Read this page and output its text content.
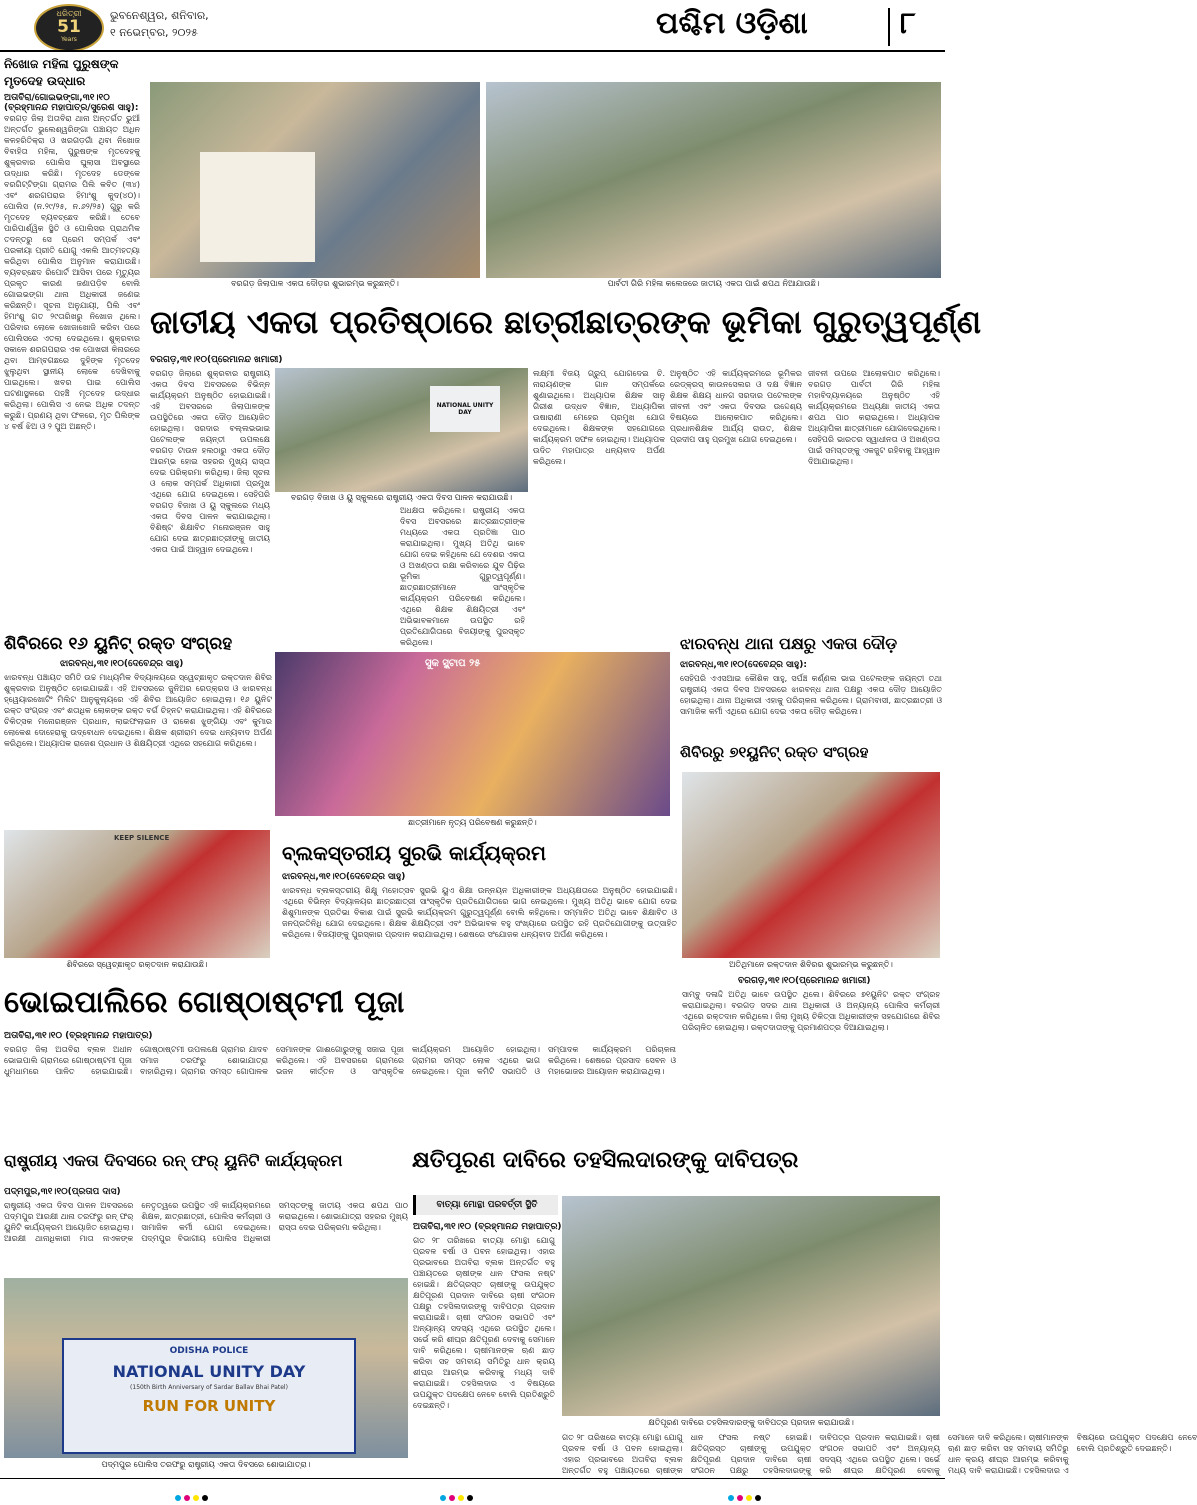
ଧରିତ୍ରୀ
51
Years
ଭୁବନେଶ୍ୱର, ଶନିବାର,
୧ ନଭେମ୍ବର, ୨୦୨୫	ପଶ୍ଚିମ ଓଡ଼ିଶା	୮
ନିଖୋଜ ମହିଳା ପୁରୁଷଙ୍କ
ମୃତଦେହ ଉଦ୍ଧାର
ଅତାବିରା/ଗୋଇଭଙ୍ଗା,୩୧।୧୦
(ବ୍ରହ୍ମାନନ୍ଦ ମହାପାତ୍ର/ସୁରେଶ ସାହୁ):
ବରଗଡ଼ ଜିଲା ଅତାବିରା ଥାନା ଅନ୍ତର୍ଗତ ଭୁଆଁ ଅନ୍ତର୍ଗତ ଭୁଲେଶ୍ୱରିଙ୍ଗା ପଞ୍ଚାୟତ ଅଧିନ କଳହରିତିକ୍ରା ଓ ଖରଗଡ଼ଗାଁ ଥିବା ନିଖୋଜ ବିବାହିତା ମହିଳା, ପୁରୁଷଙ୍କ ମୃତଦେହକୁ ଶୁକ୍ରବାର ପୋଲିସ ଘୁଲାସା ଅବସ୍ଥାରେ ଉଦ୍ଧାର କରିଛି। ମୃତଦେହ ଡେଙ୍କେ ବରଗିଟ୍ଟିଙ୍ଗା ଗ୍ରାମର ପିଲି କବିତ (୩୪) ଏବଂ ଶରଗପରାର ହିମାଂଶୁ କୁଦ(୪୦)। ପୋଲିସ (ନ.୨୯/୨୫, ନ.୬୨/୨୫) ଗୁରୁ କରି ମୃତଦେହ ବ୍ୟବଚ୍ଛେଦ କରିଛି। ତେବେ ପାରିପାର୍ଶ୍ୱିକ ସ୍ଥିତି ଓ ପୋଲିସର ପ୍ରାଥମିକ ତଦନ୍ତରୁ ସେ ପ୍ରେମ ସମ୍ପର୍କ ଏବଂ ପରକୀୟା ପ୍ରୀତି ଯୋଗୁ ଏକଲି ଆତ୍ମହତ୍ୟା କରିଥିବା ପୋଲିସ ଅନୁମାନ କରାଯାଉଛି। ବ୍ୟବଚ୍ଛେଦ ରିପୋର୍ଟ ଆସିବା ପରେ ମୃତ୍ୟୁର ପ୍ରକୃତ କାରଣ ଜଣାପଡ଼ିବ ବୋଲି ଗୋଇଭଙ୍ଗା ଥାନା ଅଧିକାରୀ ଜଣେଇ କରିଛନ୍ତି। ସୂଚନା ଅନୁଯାୟୀ, ପିଲି ଏବଂ ହିମାଂଶୁ ଗତ ୨୯ତାରିଖରୁ ନିଖୋଜ ଥିଲେ। ପରିବାର ଲୋକେ ଖୋଜାଖୋଜି କରିବା ପରେ ପୋଲିସରେ ଏତଲା ଦେଇଥିଲେ। ଶୁକ୍ରବାର ସକାଳେ ଶରଗପରାର ଏକ ପୋଖରୀ କିନାରରେ ଥିବା ଆମ୍ବଗଛରେ ଦୁହିଙ୍କ ମୃତଦେହ ଝୁଲୁଥିବା ସ୍ଥାନୀୟ ଲୋକେ ଦେଖିବାକୁ ପାଇଥିଲେ। ଖବର ପାଇ ପୋଲିସ ଘଟଣାସ୍ଥଳରେ ପହଞ୍ଚି ମୃତଦେହ ଉଦ୍ଧାର କରିଥିଲା। ପୋଲିସ ଏ ନେଇ ଅଧିକ ତଦନ୍ତ କରୁଛି। ପ୍ରଣୟ ଥିବା ଫଳରେ, ମୃତ ପିଲିଙ୍କ ୪ ବର୍ଷ ଝିଅ ଓ ୨ ପୁଅ ଅଛନ୍ତି।
ବରଗଡ଼ ଜିଲାପାଳ ଏକତା ଦୌଡ଼ର ଶୁଭାରମ୍ଭ କରୁଛନ୍ତି।	ପାର୍ବତୀ ଗିରି ମହିଳା କଲେଜରେ ଜାତୀୟ ଏକତା ପାଇଁ ଶପଥ ନିଆଯାଉଛି।
ଜାତୀୟ ଏକତା ପ୍ରତିଷ୍ଠାରେ ଛାତ୍ରୀଛାତ୍ରଙ୍କ ଭୂମିକା ଗୁରୁତ୍ୱପୂର୍ଣ୍ଣ
ବରଗଡ଼,୩୧।୧୦(ପ୍ରେମାନନ୍ଦ ଖମାରୀ)
NATIONAL UNITY DAY
ବରଗଡ଼ ବିଜାଖ ଓ ୟୁ ସ୍କୁଲରେ ରାଷ୍ଟ୍ରୀୟ ଏକତା ଦିବସ ପାଳନ କରାଯାଉଛି।
ବରଗଡ଼ ଜିଲାରେ ଶୁକ୍ରବାର ରାଷ୍ଟ୍ରୀୟ ଏକତା ଦିବସ ଅବସରରେ ବିଭିନ୍ନ କାର୍ଯ୍ୟକ୍ରମ ଅନୁଷ୍ଠିତ ହୋଇଯାଇଛି। ଏହି ଅବସରରେ ଜିଲାପାଳଙ୍କ ଉପସ୍ଥିତିରେ ଏକତା ଦୌଡ଼ ଆୟୋଜିତ ହୋଇଥିଲା। ସରଦାର ବଲ୍ଲଭଭାଇ ପଟେଲଙ୍କ ଜୟନ୍ତୀ ଉପଲକ୍ଷେ ବରଗଡ଼ ଟାଉନ ହଲଠାରୁ ଏକତା ଦୌଡ଼ ଆରମ୍ଭ ହୋଇ ସହରର ମୁଖ୍ୟ ରାସ୍ତା ଦେଇ ପରିକ୍ରମା କରିଥିଲା। ଜିଲା ସୂଚନା ଓ ଲୋକ ସମ୍ପର୍କ ଅଧିକାରୀ ପ୍ରମୁଖ ଏଥିରେ ଯୋଗ ଦେଇଥିଲେ। ସେହିପରି ବରଗଡ଼ ବିଜାଖ ଓ ୟୁ ସ୍କୁଲରେ ମଧ୍ୟ ଏକତା ଦିବସ ପାଳନ କରାଯାଇଥିଲା। ବିଶିଷ୍ଟ ଶିକ୍ଷାବିତ ମନୋରଞ୍ଜନ ସାହୁ ଯୋଗ ଦେଇ ଛାତ୍ରଛାତ୍ରୀଙ୍କୁ ଜାତୀୟ ଏକତା ପାଇଁ ଆହ୍ୱାନ ଦେଇଥିଲେ।
ଅଧକ୍ଷତା କରିଥିଲେ। ରାଷ୍ଟ୍ରୀୟ ଏକତା ଦିବସ ଅବସରରେ ଛାତ୍ରଛାତ୍ରୀଙ୍କ ମଧ୍ୟରେ ଏକତା ପ୍ରତିଜ୍ଞା ପାଠ କରାଯାଇଥିଲା। ମୁଖ୍ୟ ଅତିଥି ଭାବେ ଯୋଗ ଦେଇ କହିଥିଲେ ଯେ ଦେଶର ଏକତା ଓ ଅଖଣ୍ଡତା ରକ୍ଷା କରିବାରେ ଯୁବ ପିଢ଼ିର ଭୂମିକା ଗୁରୁତ୍ୱପୂର୍ଣ୍ଣ। ଛାତ୍ରଛାତ୍ରୀମାନେ ସାଂସ୍କୃତିକ କାର୍ଯ୍ୟକ୍ରମ ପରିବେଷଣ କରିଥିଲେ। ଏଥିରେ ଶିକ୍ଷକ ଶିକ୍ଷୟିତ୍ରୀ ଏବଂ ଅଭିଭାବକମାନେ ଉପସ୍ଥିତ ରହି ପ୍ରତିଯୋଗିତାରେ ବିଜୟୀଙ୍କୁ ପୁରସ୍କୃତ କରିଥିଲେ।
ଲକ୍ଷ୍ମୀ ବିଜୟ ଗ୍ରୁପ୍ ଯୋଗଦେଇ ଚି. ନାରାୟଣଙ୍କ ଗାନ ସମ୍ପର୍କରେ ଶୁଣାଇଥିଲେ। ଅଧ୍ୟାପକ ଶିକ୍ଷକ ସାନୁ ଗିରୀଶ ଉଦ୍ଧବ ବିଜ୍ଞାନ, ଅଧ୍ୟାପିକା ଉଷାରାଣୀ ମେହେର ପ୍ରମୁଖ ଯୋଗ ଦେଇଥିଲେ। ଶିକ୍ଷକଙ୍କ ସହଯୋଗରେ କାର୍ଯ୍ୟକ୍ରମ ସଫଳ ହୋଇଥିଲା। ଅଧ୍ୟାପକ ଉଦିତ ମହାପାତ୍ର ଧନ୍ୟବାଦ ଅର୍ପଣ କରିଥିଲେ।
ଅନୁଷ୍ଠିତ ଏହି କାର୍ଯ୍ୟକ୍ରମରେ ଭୂମିକର ରେଡ୍‌କ୍ରସ୍ କାଉନସେଲର ଓ ଦକ୍ଷ ବିଜ୍ଞାନ ଶିକ୍ଷକ ଶିକ୍ଷୟ ଧାନଗ ସରଦାର ପଟେଲଙ୍କ ଜୀବନୀ ଏବଂ ଏକତା ଦିବସର ଉଦ୍ଦେଶ୍ୟ ବିଷୟରେ ଆଲୋକପାତ କରିଥିଲେ। ପ୍ରଧାନଶିକ୍ଷକ ଆର୍ଯ୍ୟ ରାଉତ, ଶିକ୍ଷକ ପ୍ରଦୀପ ସାହୁ ପ୍ରମୁଖ ଯୋଗ ଦେଇଥିଲେ।
ଜୀବନୀ ଉପରେ ଆଲୋକପାତ କରିଥିଲେ। ବରଗଡ଼ ପାର୍ବତୀ ଗିରି ମହିଳା ମହାବିଦ୍ୟାଳୟରେ ଅନୁଷ୍ଠିତ ଏହି କାର୍ଯ୍ୟକ୍ରମରେ ଅଧ୍ୟକ୍ଷା ଜାତୀୟ ଏକତା ଶପଥ ପାଠ କରାଇଥିଲେ। ଅଧ୍ୟାପକ ଅଧ୍ୟାପିକା ଛାତ୍ରୀମାନେ ଯୋଗଦେଇଥିଲେ। ସେହିପରି ଭାରତର ସ୍ୱାଧୀନତା ଓ ଅଖଣ୍ଡତା ପାଇଁ ସମସ୍ତଙ୍କୁ ଏକଜୁଟ ରହିବାକୁ ଆହ୍ୱାନ ଦିଆଯାଇଥିଲା।
ଶିବିରରେ ୧୬ ୟୁନିଟ୍ ରକ୍ତ ସଂଗ୍ରହ
ଝାରବନ୍ଧ,୩୧।୧୦(ଦେବେନ୍ଦ୍ର ସାହୁ)
ଝାରବନ୍ଧ ପଞ୍ଚାୟତ ସମିତି ଉଚ୍ଚ ମାଧ୍ୟମିକ ବିଦ୍ୟାଳୟରେ ସ୍ୱେଚ୍ଛାକୃତ ରକ୍ତଦାନ ଶିବିର ଶୁକ୍ରବାର ଅନୁଷ୍ଠିତ ହୋଇଯାଇଛି। ଏହି ଅବସରରେ ଜୁନିଅର ରେଡ୍‌କ୍ରସ ଓ ଝାରବନ୍ଧ ହ୍ୱେୟାରଖୋଟିଂ ମିଲିଟ ଆନୁକୁଲ୍ୟରେ ଏହି ଶିବିର ଆୟୋଜିତ ହୋଇଥିଲା। ୧୬ ୟୁନିଟ ରକ୍ତ ସଂଗ୍ରହ ଏବଂ ଶତାଧିକ ଲୋକଙ୍କ ରକ୍ତ ବର୍ଗ ଚିହ୍ନଟ କରାଯାଇଥିଲା। ଏହି ଶିବିରରେ ଚିକିତ୍ସକ ମନୋରଞ୍ଜନ ପ୍ରଧାନ, ଲାଇଫଲାଇନ ଓ ରାକେଶ ଝୁଙ୍ଗିୟା ଏବଂ କୁମାର ଲୋକେଶ ଦୋହେରାକୁ ଉଦ୍ବୋଧନ ଦେଇଥିଲେ। ଶିକ୍ଷକ ଶ୍ରୀରାମ ଦେଇ ଧନ୍ୟବାଦ ଅର୍ପଣ କରିଥିଲେ। ଅଧ୍ୟାପକ ରାଜେଶ ପ୍ରଧାନ ଓ ଶିକ୍ଷୟିତ୍ରୀ ଏଥିରେ ସହଯୋଗ କରିଥିଲେ।
ସୁକ ସ୍କ୍ଟାପ ୨୫
ଛାତ୍ରୀମାନେ ନୃତ୍ୟ ପରିବେଷଣ କରୁଛନ୍ତି।
ଝାରବନ୍ଧ ଥାନା ପକ୍ଷରୁ ଏକତା ଦୌଡ଼
ଝାରବନ୍ଧ,୩୧।୧୦(ଦେବେନ୍ଦ୍ର ସାହୁ):
ସେହିପରି ଏଏସଆଇ କୌଶିକ ସାହୁ, ସର୍ପଞ୍ଚ କର୍ଣ୍ଣଲ ଭାଇ ପଟେଲଙ୍କ ଜୟନ୍ତୀ ତଥା ରାଷ୍ଟ୍ରୀୟ ଏକତା ଦିବସ ଅବସରରେ ଝାରବନ୍ଧ ଥାନା ପକ୍ଷରୁ ଏକତା ଦୌଡ଼ ଆୟୋଜିତ ହୋଇଥିଲା। ଥାନା ଅଧିକାରୀ ଏହାକୁ ପରିଚାଳନା କରିଥିଲେ। ଗ୍ରାମବାସୀ, ଛାତ୍ରଛାତ୍ରୀ ଓ ସାମାଜିକ କର୍ମୀ ଏଥିରେ ଯୋଗ ଦେଇ ଏକତା ଦୌଡ଼ କରିଥିଲେ।
ଶିବିରରୁ ୭୧ୟୁନିଟ୍ ରକ୍ତ ସଂଗ୍ରହ
ଅତିଥିମାନେ ରକ୍ତଦାନ ଶିବିରର ଶୁଭାରମ୍ଭ କରୁଛନ୍ତି।
ବରଗଡ଼,୩୧।୧୦(ପ୍ରେମାନନ୍ଦ ଖମାରୀ)
ସାମ୍ବୁ ଦଳାଦ୍ଦି ଅତିଥି ଭାବେ ଉପସ୍ଥିତ ଥିଲେ। ଶିବିରରେ ୭୧ୟୁନିଟ ରକ୍ତ ସଂଗ୍ରହ କରାଯାଇଥିଲା। ବରଗଡ଼ ସଦର ଥାନା ଅଧିକାରୀ ଓ ଅନ୍ୟାନ୍ୟ ପୋଲିସ କର୍ମଚାରୀ ଏଥିରେ ରକ୍ତଦାନ କରିଥିଲେ। ଜିଲା ମୁଖ୍ୟ ଚିକିତ୍ସା ଅଧିକାରୀଙ୍କ ସହଯୋଗରେ ଶିବିର ପରିଚାଳିତ ହୋଇଥିଲା। ରକ୍ତଦାତାଙ୍କୁ ପ୍ରମାଣପତ୍ର ଦିଆଯାଇଥିଲା।
KEEP SILENCE
ଶିବିରରେ ସ୍ୱେଚ୍ଛାକୃତ ରକ୍ତଦାନ କରାଯାଉଛି।
ବ୍ଲକସ୍ତରୀୟ ସୁରଭି କାର୍ଯ୍ୟକ୍ରମ
ଝାରବନ୍ଧ,୩୧।୧୦(ଦେବେନ୍ଦ୍ର ସାହୁ)
ଝାରବନ୍ଧ ବ୍ଲକସ୍ତରୀୟ ଶିକ୍ଷୁ ମହୋତ୍ସବ ସୁରଭି ୟୁଏ ଶିକ୍ଷା ଉନ୍ନୟନ ଅଧିକାରୀଙ୍କ ଅଧ୍ୟକ୍ଷତାରେ ଅନୁଷ୍ଠିତ ହୋଇଯାଇଛି। ଏଥିରେ ବିଭିନ୍ନ ବିଦ୍ୟାଳୟର ଛାତ୍ରଛାତ୍ରୀ ସାଂସ୍କୃତିକ ପ୍ରତିଯୋଗିତାରେ ଭାଗ ନେଇଥିଲେ। ମୁଖ୍ୟ ଅତିଥି ଭାବେ ଯୋଗ ଦେଇ ଶିଶୁମାନଙ୍କ ପ୍ରତିଭା ବିକାଶ ପାଇଁ ସୁରଭି କାର୍ଯ୍ୟକ୍ରମ ଗୁରୁତ୍ୱପୂର୍ଣ୍ଣ ବୋଲି କହିଥିଲେ। ସମ୍ମାନିତ ଅତିଥି ଭାବେ ଶିକ୍ଷାବିତ ଓ ଜନପ୍ରତିନିଧି ଯୋଗ ଦେଇଥିଲେ। ଶିକ୍ଷକ ଶିକ୍ଷୟିତ୍ରୀ ଏବଂ ଅଭିଭାବକ ବହୁ ସଂଖ୍ୟାରେ ଉପସ୍ଥିତ ରହି ପ୍ରତିଯୋଗୀଙ୍କୁ ଉତ୍ସାହିତ କରିଥିଲେ। ବିଜୟୀଙ୍କୁ ପୁରସ୍କାର ପ୍ରଦାନ କରାଯାଇଥିଲା। ଶେଷରେ ସଂଯୋଜକ ଧନ୍ୟବାଦ ଅର୍ପଣ କରିଥିଲେ।
ଭୋଇପାଲିରେ ଗୋଷ୍ଠାଷ୍ଟମୀ ପୂଜା
ଅତାବିରା,୩୧।୧୦ (ବ୍ରହ୍ମାନନ୍ଦ ମହାପାତ୍ର)
ବରଗଡ଼ ଜିଲା ଅତାବିରା ବ୍ଲକ ଅଧୀନ ଭୋଇପାଲି ଗ୍ରାମରେ ଗୋଷ୍ଠାଷ୍ଟମୀ ପୂଜା ଧୁମଧାମରେ ପାଳିତ ହୋଇଯାଇଛି। ଗୋଷ୍ଠାଷ୍ଟମୀ ଉପଲକ୍ଷେ ଗ୍ରାମର ଯାଦବ ସମାଜ ତରଫରୁ ଶୋଭାଯାତ୍ରା ବାହାରିଥିଲା। ଗ୍ରାମର ସମସ୍ତ ଗୋପାଳକ ସେମାନଙ୍କ ଗାଈଗୋରୁଙ୍କୁ ସଜାଇ ପୂଜା କରିଥିଲେ। ଏହି ଅବସରରେ ଗ୍ରାମରେ ଭଜନ କୀର୍ତ୍ତନ ଓ ସାଂସ୍କୃତିକ କାର୍ଯ୍ୟକ୍ରମ ଆୟୋଜିତ ହୋଇଥିଲା। ଗ୍ରାମର ସମସ୍ତ ଲୋକ ଏଥିରେ ଭାଗ ନେଇଥିଲେ। ପୂଜା କମିଟି ସଭାପତି ଓ ସମ୍ପାଦକ କାର୍ଯ୍ୟକ୍ରମ ପରିଚାଳନା କରିଥିଲେ। ଶେଷରେ ପ୍ରସାଦ ସେବନ ଓ ମହାଭୋଜର ଆୟୋଜନ କରାଯାଇଥିଲା।
ରାଷ୍ଟ୍ରୀୟ ଏକତା ଦିବସରେ ରନ୍ ଫର୍ ୟୁନିଟି କାର୍ଯ୍ୟକ୍ରମ
ପଦ୍ମପୁର,୩୧।୧୦(ପ୍ରତାପ ଦାସ)
ରାଷ୍ଟ୍ରୀୟ ଏକତା ଦିବସ ପାଳନ ଅବସରରେ ପଦ୍ମପୁର ଆରକ୍ଷୀ ଥାନା ତରଫରୁ ରନ୍ ଫର୍ ୟୁନିଟି କାର୍ଯ୍ୟକ୍ରମ ଆୟୋଜିତ ହୋଇଥିଲା। ଆରକ୍ଷୀ ଥାନାଧିକାରୀ ମାତା ନାଏକଙ୍କ ନେତୃତ୍ୱରେ ଉପସ୍ଥିତ ଏହି କାର୍ଯ୍ୟକ୍ରମରେ ଶିକ୍ଷକ, ଛାତ୍ରଛାତ୍ରୀ, ପୋଲିସ କର୍ମଚାରୀ ଓ ସାମାଜିକ କର୍ମୀ ଯୋଗ ଦେଇଥିଲେ। ପଦ୍ମପୁର ବିଭାଗୀୟ ପୋଲିସ ଅଧିକାରୀ ସମସ୍ତଙ୍କୁ ଜାତୀୟ ଏକତା ଶପଥ ପାଠ କରାଇଥିଲେ। ଶୋଭାଯାତ୍ରା ସହରର ମୁଖ୍ୟ ରାସ୍ତା ଦେଇ ପରିକ୍ରମା କରିଥିଲା।
ODISHA POLICE
NATIONAL UNITY DAY
(150th Birth Anniversary of Sardar Ballav Bhai Patel)
RUN FOR UNITY
ପଦ୍ମପୁର ପୋଲିସ ତରଫରୁ ରାଷ୍ଟ୍ରୀୟ ଏକତା ଦିବସରେ ଶୋଭାଯାତ୍ରା।
କ୍ଷତିପୂରଣ ଦାବିରେ ତହସିଲଦାରଙ୍କୁ ଦାବିପତ୍ର
ବାତ୍ୟା ମୋନ୍ଥା ପରବର୍ତ୍ତୀ ସ୍ଥିତି
ଅତାବିରା,୩୧।୧୦ (ବ୍ରହ୍ମାନନ୍ଦ ମହାପାତ୍ର)
ଗତ ୨୮ ତାରିଖରେ ବାତ୍ୟା ମୋନ୍ଥା ଯୋଗୁ ପ୍ରବଳ ବର୍ଷା ଓ ପବନ ହୋଇଥିଲା। ଏହାର ପ୍ରଭାବରେ ଅତାବିରା ବ୍ଲକ ଅନ୍ତର୍ଗତ ବହୁ ପଞ୍ଚାୟତରେ ଚାଷୀଙ୍କ ଧାନ ଫସଲ ନଷ୍ଟ ହୋଇଛି। କ୍ଷତିଗ୍ରସ୍ତ ଚାଷୀଙ୍କୁ ଉପଯୁକ୍ତ କ୍ଷତିପୂରଣ ପ୍ରଦାନ ଦାବିରେ ଚାଷୀ ସଂଗଠନ ପକ୍ଷରୁ ତହସିଲଦାରଙ୍କୁ ଦାବିପତ୍ର ପ୍ରଦାନ କରାଯାଇଛି। ଚାଷୀ ସଂଗଠନ ସଭାପତି ଏବଂ ଅନ୍ୟାନ୍ୟ ସଦସ୍ୟ ଏଥିରେ ଉପସ୍ଥିତ ଥିଲେ। ସର୍ଭେ କରି ଶୀଘ୍ର କ୍ଷତିପୂରଣ ଦେବାକୁ ସେମାନେ ଦାବି କରିଥିଲେ। ଚାଷୀମାନଙ୍କ ଋଣ ଛାଡ଼ କରିବା ସହ ସମବାୟ ସମିତିରୁ ଧାନ କ୍ରୟ ଶୀଘ୍ର ଆରମ୍ଭ କରିବାକୁ ମଧ୍ୟ ଦାବି କରାଯାଇଛି। ତହସିଲଦାର ଏ ବିଷୟରେ ଉପଯୁକ୍ତ ପଦକ୍ଷେପ ନେବେ ବୋଲି ପ୍ରତିଶ୍ରୁତି ଦେଇଛନ୍ତି।
କ୍ଷତିପୂରଣ ଦାବିରେ ତହସିଲଦାରଙ୍କୁ ଦାବିପତ୍ର ପ୍ରଦାନ କରାଯାଉଛି।
ଗତ ୨୮ ତାରିଖରେ ବାତ୍ୟା ମୋନ୍ଥା ଯୋଗୁ ପ୍ରବଳ ବର୍ଷା ଓ ପବନ ହୋଇଥିଲା। ଏହାର ପ୍ରଭାବରେ ଅତାବିରା ବ୍ଲକ ଅନ୍ତର୍ଗତ ବହୁ ପଞ୍ଚାୟତରେ ଚାଷୀଙ୍କ ଧାନ ଫସଲ ନଷ୍ଟ ହୋଇଛି। କ୍ଷତିଗ୍ରସ୍ତ ଚାଷୀଙ୍କୁ ଉପଯୁକ୍ତ କ୍ଷତିପୂରଣ ପ୍ରଦାନ ଦାବିରେ ଚାଷୀ ସଂଗଠନ ପକ୍ଷରୁ ତହସିଲଦାରଙ୍କୁ ଦାବିପତ୍ର ପ୍ରଦାନ କରାଯାଇଛି। ଚାଷୀ ସଂଗଠନ ସଭାପତି ଏବଂ ଅନ୍ୟାନ୍ୟ ସଦସ୍ୟ ଏଥିରେ ଉପସ୍ଥିତ ଥିଲେ। ସର୍ଭେ କରି ଶୀଘ୍ର କ୍ଷତିପୂରଣ ଦେବାକୁ ସେମାନେ ଦାବି କରିଥିଲେ। ଚାଷୀମାନଙ୍କ ଋଣ ଛାଡ଼ କରିବା ସହ ସମବାୟ ସମିତିରୁ ଧାନ କ୍ରୟ ଶୀଘ୍ର ଆରମ୍ଭ କରିବାକୁ ମଧ୍ୟ ଦାବି କରାଯାଇଛି। ତହସିଲଦାର ଏ ବିଷୟରେ ଉପଯୁକ୍ତ ପଦକ୍ଷେପ ନେବେ ବୋଲି ପ୍ରତିଶ୍ରୁତି ଦେଇଛନ୍ତି।
